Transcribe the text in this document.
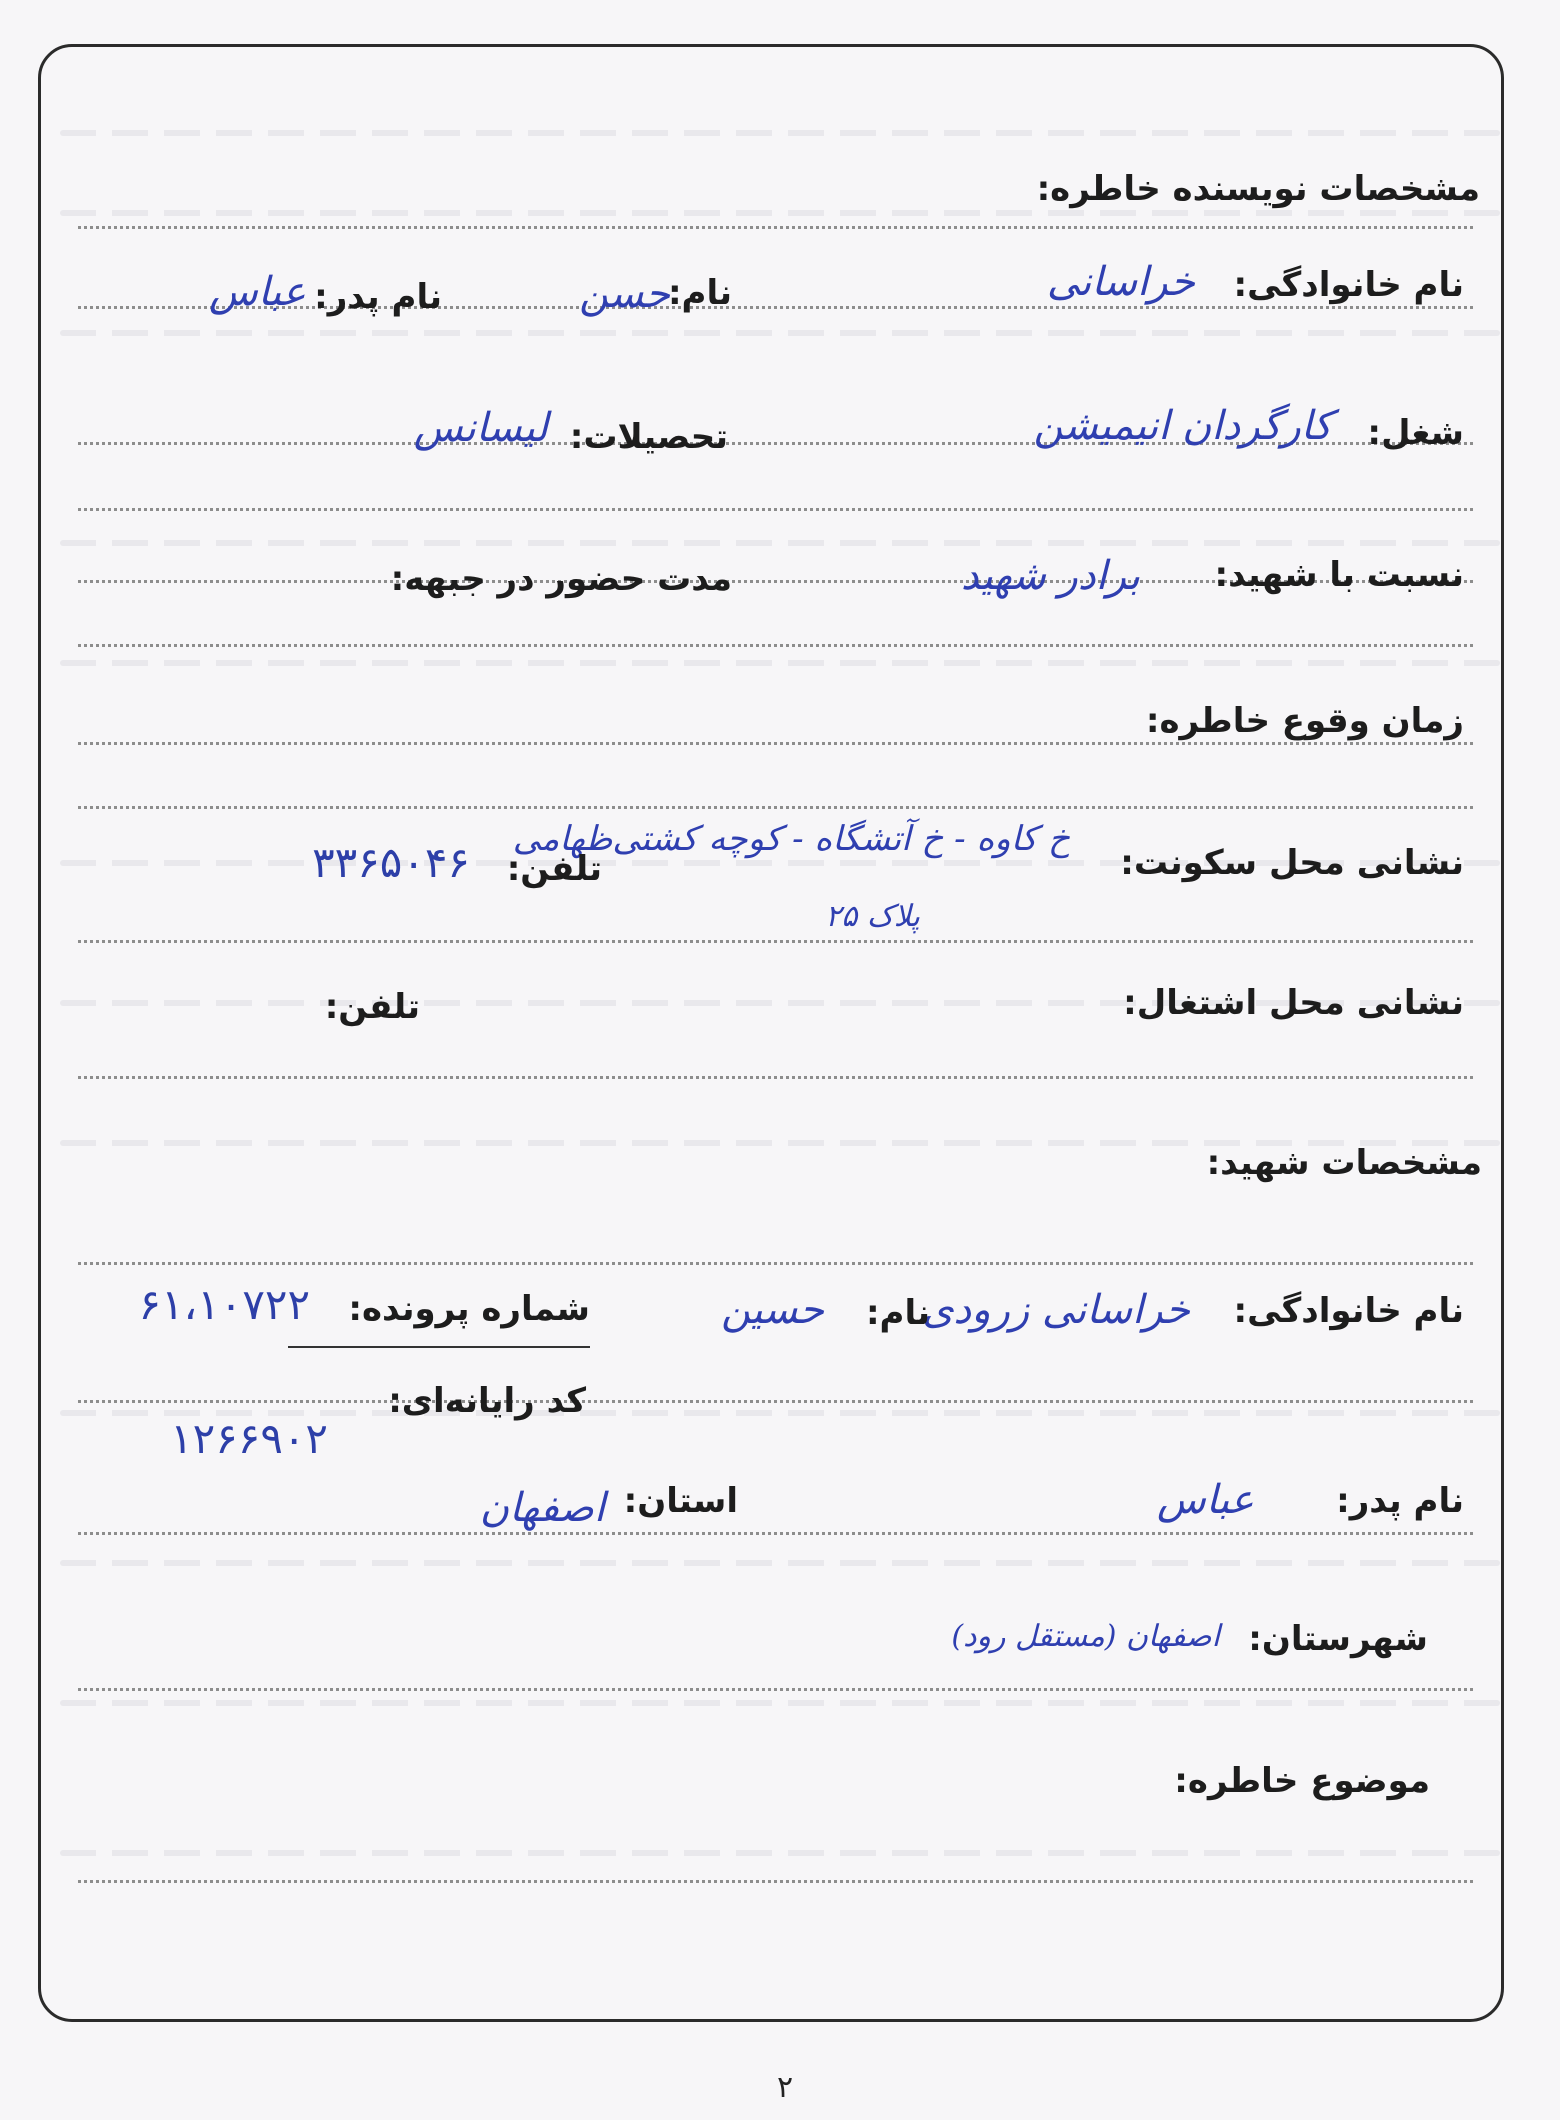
مشخصات نویسنده خاطره:
نام خانوادگی:
خراسانی
نام:
حسن
نام پدر:
عباس
شغل:
کارگردان انیمیشن
تحصیلات:
لیسانس
نسبت با شهید:
برادر شهید
مدت حضور در جبهه:
زمان وقوع خاطره:
نشانی محل سکونت:
خ کاوه - خ آتشگاه - کوچه کشتی‌ظهامی
پلاک ۲۵
تلفن:
۳۳۶۵۰۴۶
نشانی محل اشتغال:
تلفن:
مشخصات شهید:
نام خانوادگی:
خراسانی زرودی
نام:
حسین
شماره پرونده:
۶۱،۱۰۷۲۲
کد رایانه‌ای:
۱۲۶۶۹۰۲
نام پدر:
عباس
استان:
اصفهان
شهرستان:
اصفهان (مستقل رود)
موضوع خاطره:
۲
